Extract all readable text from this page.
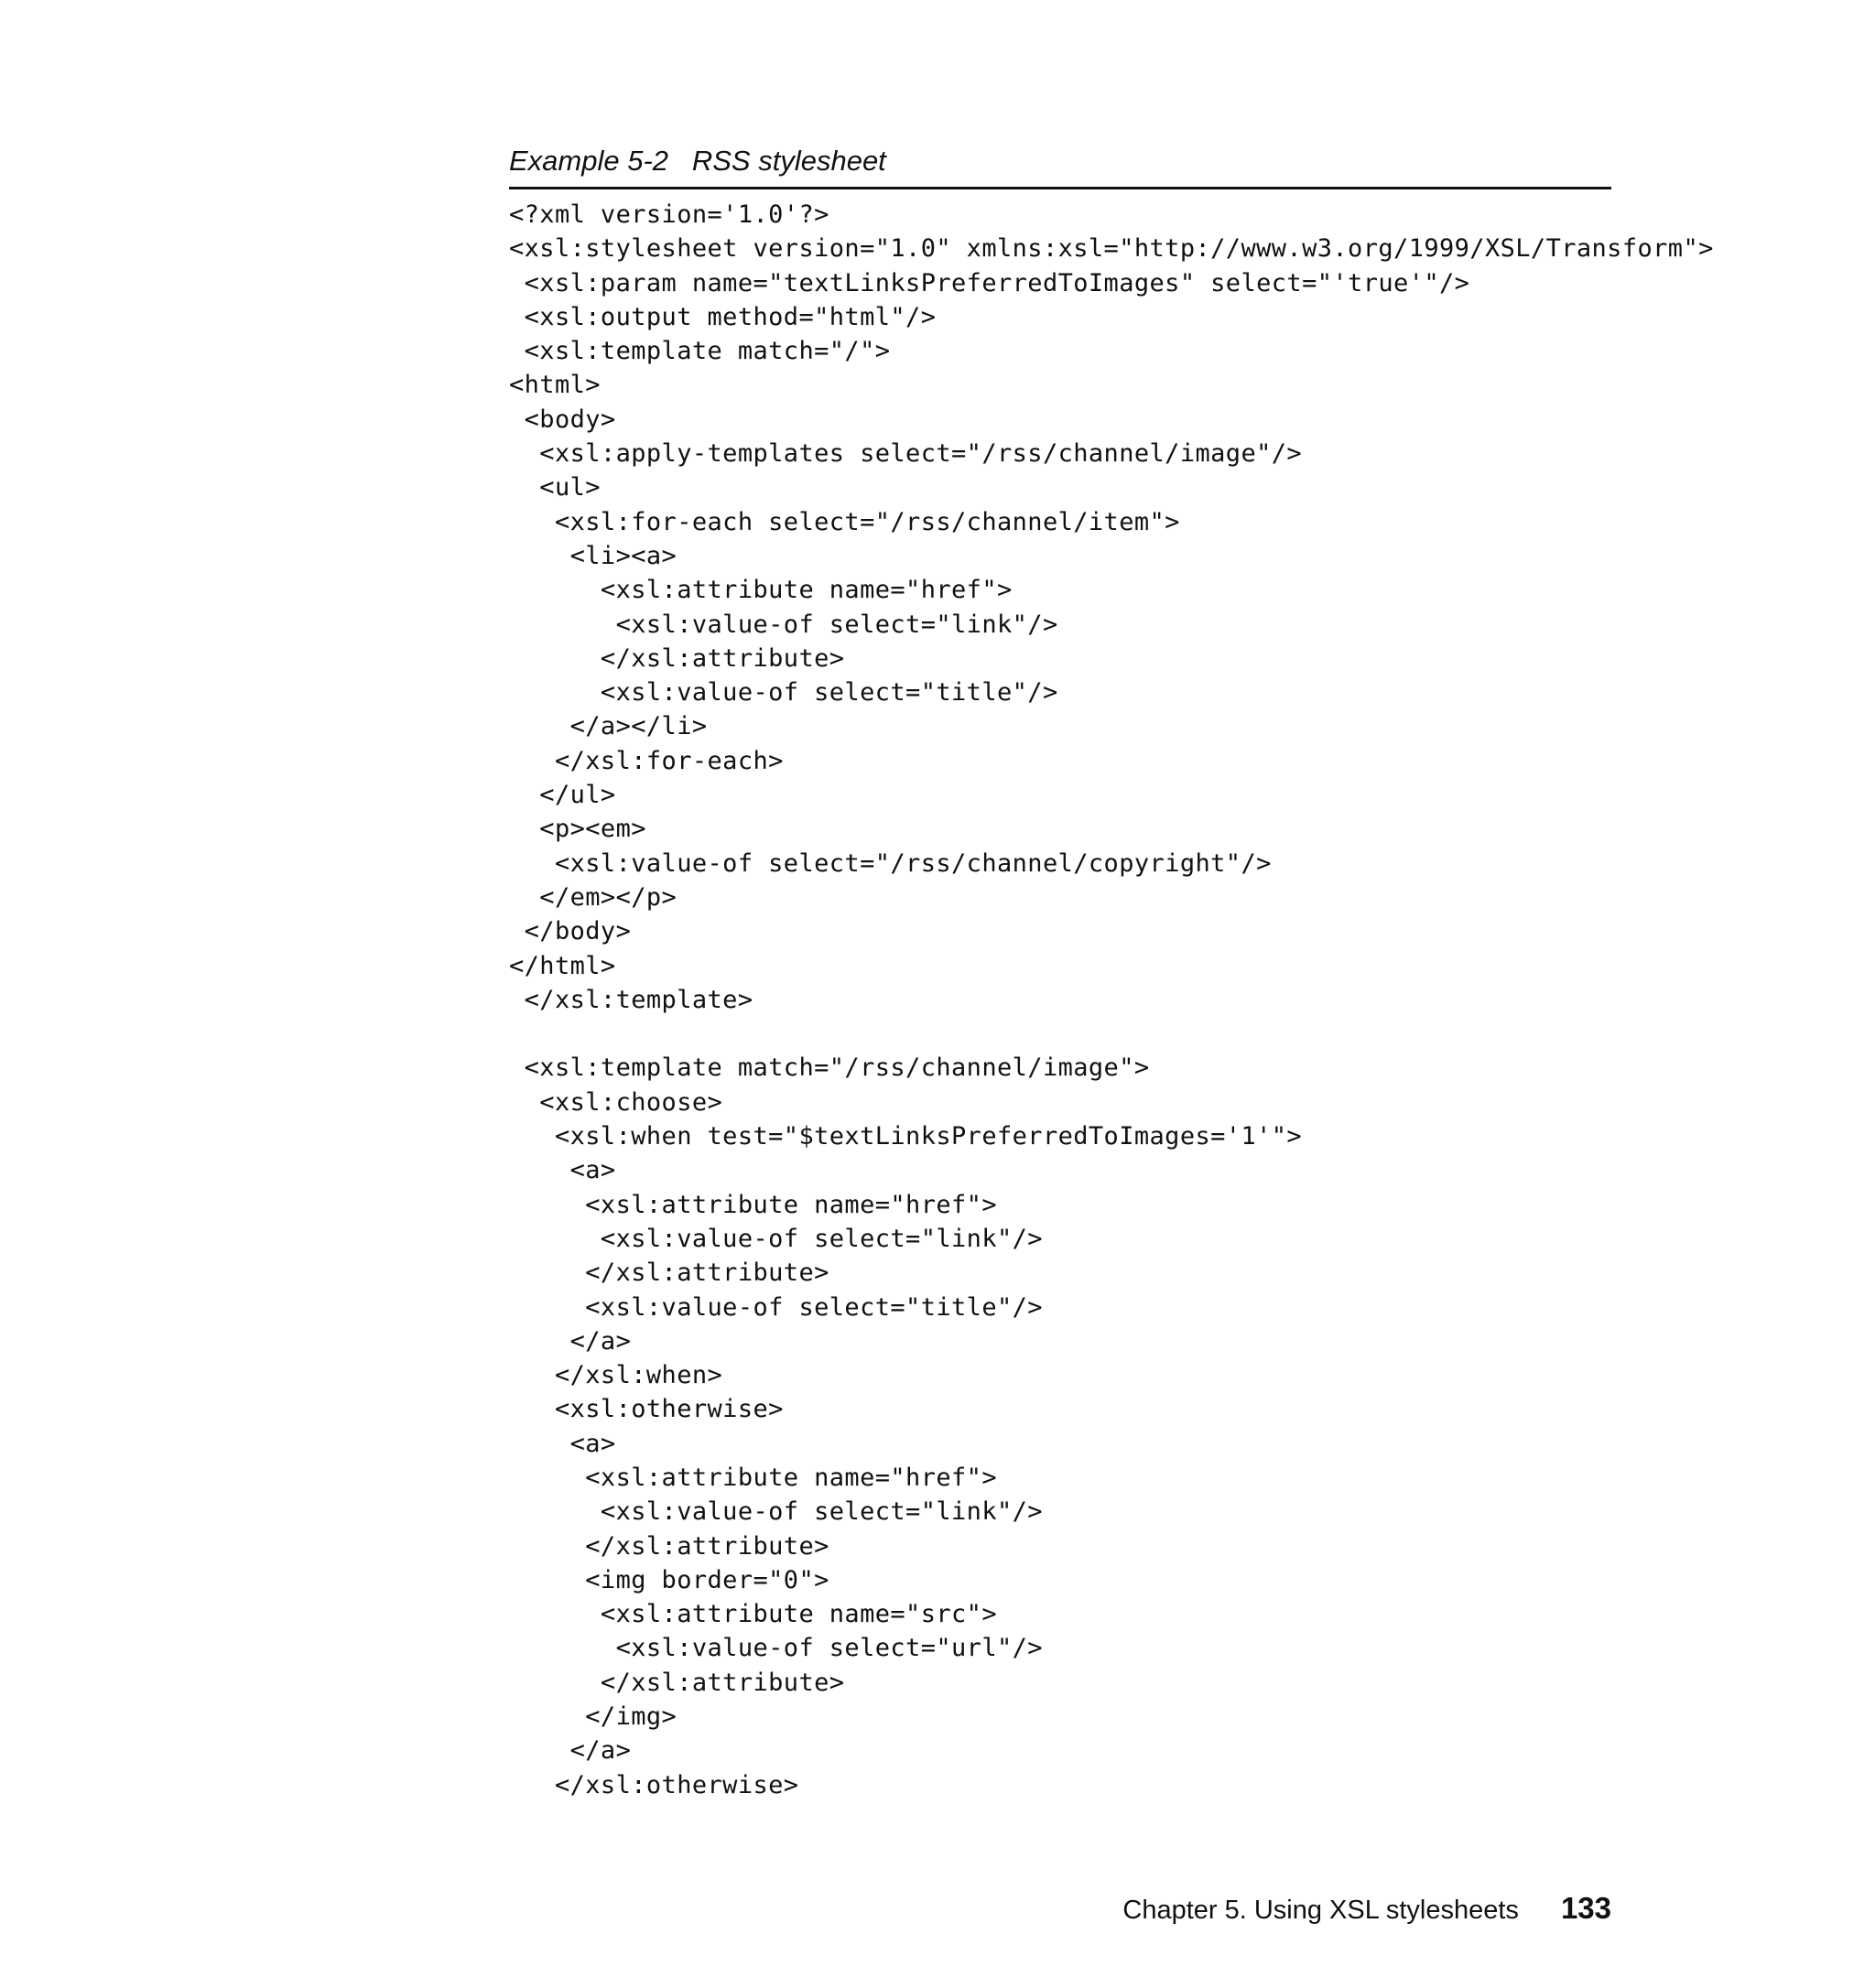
Example 5-2   RSS stylesheet
<?xml version='1.0'?>
<xsl:stylesheet version="1.0" xmlns:xsl="http://www.w3.org/1999/XSL/Transform">
<xsl:param name="textLinksPreferredToImages" select="'true'"/>
<xsl:output method="html"/>
<xsl:template match="/">
<html>
<body>
<xsl:apply-templates select="/rss/channel/image"/>
<ul>
<xsl:for-each select="/rss/channel/item">
<li><a>
<xsl:attribute name="href">
<xsl:value-of select="link"/>
</xsl:attribute>
<xsl:value-of select="title"/>
</a></li>
</xsl:for-each>
</ul>
<p><em>
<xsl:value-of select="/rss/channel/copyright"/>
</em></p>
</body>
</html>
</xsl:template>
<xsl:template match="/rss/channel/image">
<xsl:choose>
<xsl:when test="$textLinksPreferredToImages='1'">
<a>
<xsl:attribute name="href">
<xsl:value-of select="link"/>
</xsl:attribute>
<xsl:value-of select="title"/>
</a>
</xsl:when>
<xsl:otherwise>
<a>
<xsl:attribute name="href">
<xsl:value-of select="link"/>
</xsl:attribute>
<img border="0">
<xsl:attribute name="src">
<xsl:value-of select="url"/>
</xsl:attribute>
</img>
</a>
</xsl:otherwise>
Chapter 5. Using XSL stylesheets 133
